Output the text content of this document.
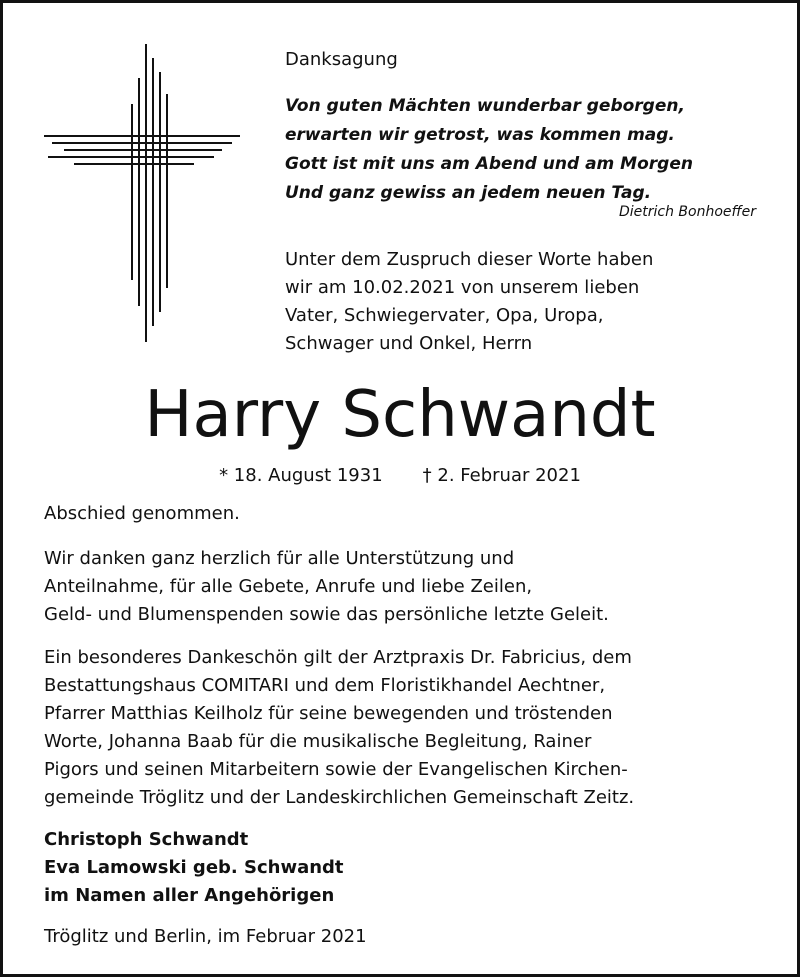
Danksagung

Von guten Mächten wunderbar geborgen,
erwarten wir getrost, was kommen mag.
Gott ist mit uns am Abend und am Morgen
Und ganz gewiss an jedem neuen Tag.

Dietrich Bonhoeffer

Unter dem Zuspruch dieser Worte haben
wir am 10.02.2021 von unserem lieben
Vater, Schwiegervater, Opa, Uropa,
Schwager und Onkel, Herrn
Harry Schwandt
* 18. August 1931 † 2. Februar 2021
Abschied genommen.
Wir danken ganz herzlich für alle Unterstützung und
Anteilnahme, für alle Gebete, Anrufe und liebe Zeilen,
Geld- und Blumenspenden sowie das persönliche letzte Geleit.
Ein besonderes Dankeschön gilt der Arztpraxis Dr. Fabricius, dem
Bestattungshaus COMITARI und dem Floristikhandel Aechtner,
Pfarrer Matthias Keilholz für seine bewegenden und tröstenden
Worte, Johanna Baab für die musikalische Begleitung, Rainer
Pigors und seinen Mitarbeitern sowie der Evangelischen Kirchen-
gemeinde Tröglitz und der Landeskirchlichen Gemeinschaft Zeitz.
Christoph Schwandt
Eva Lamowski geb. Schwandt
im Namen aller Angehörigen
Tröglitz und Berlin, im Februar 2021
